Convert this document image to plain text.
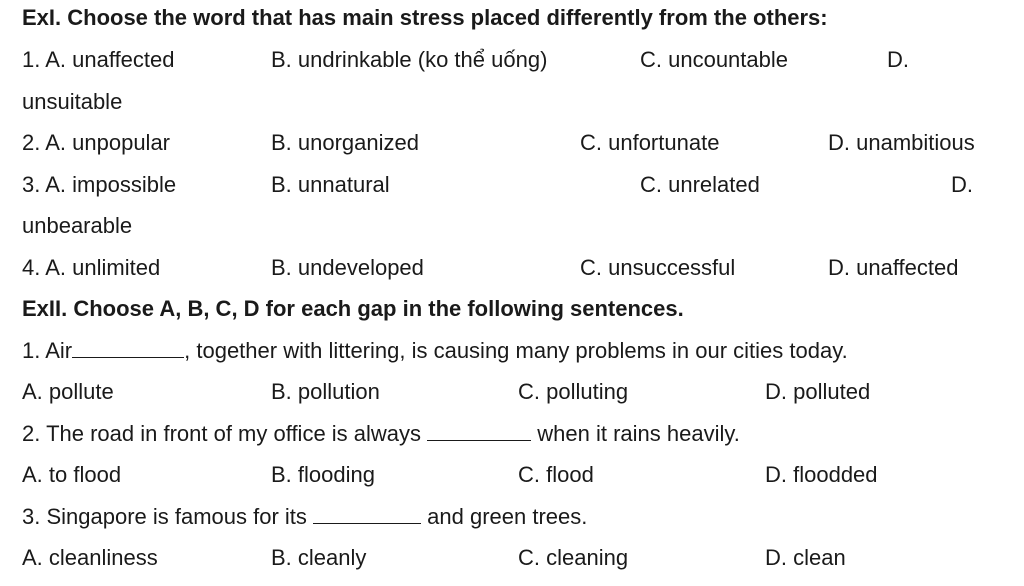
ExI. Choose the word that has main stress placed differently from the others:
1. A. unaffected	B. undrinkable (ko thể uống)	C. uncountable	D.
unsuitable
2. A. unpopular	B. unorganized	C. unfortunate	D. unambitious
3. A. impossible	B. unnatural	C. unrelated	D.
unbearable
4. A. unlimited	B. undeveloped	C. unsuccessful	D. unaffected
ExII. Choose A, B, C, D for each gap in the following sentences.
1. Air	, together with littering, is causing many problems in our cities today.
A. pollute	B. pollution	C. polluting	D. polluted
2. The road in front of my office is always	when it rains heavily.
A. to flood	B. flooding	C. flood	D. floodded
3. Singapore is famous for its	and green trees.
A. cleanliness	B. cleanly	C. cleaning	D. clean
